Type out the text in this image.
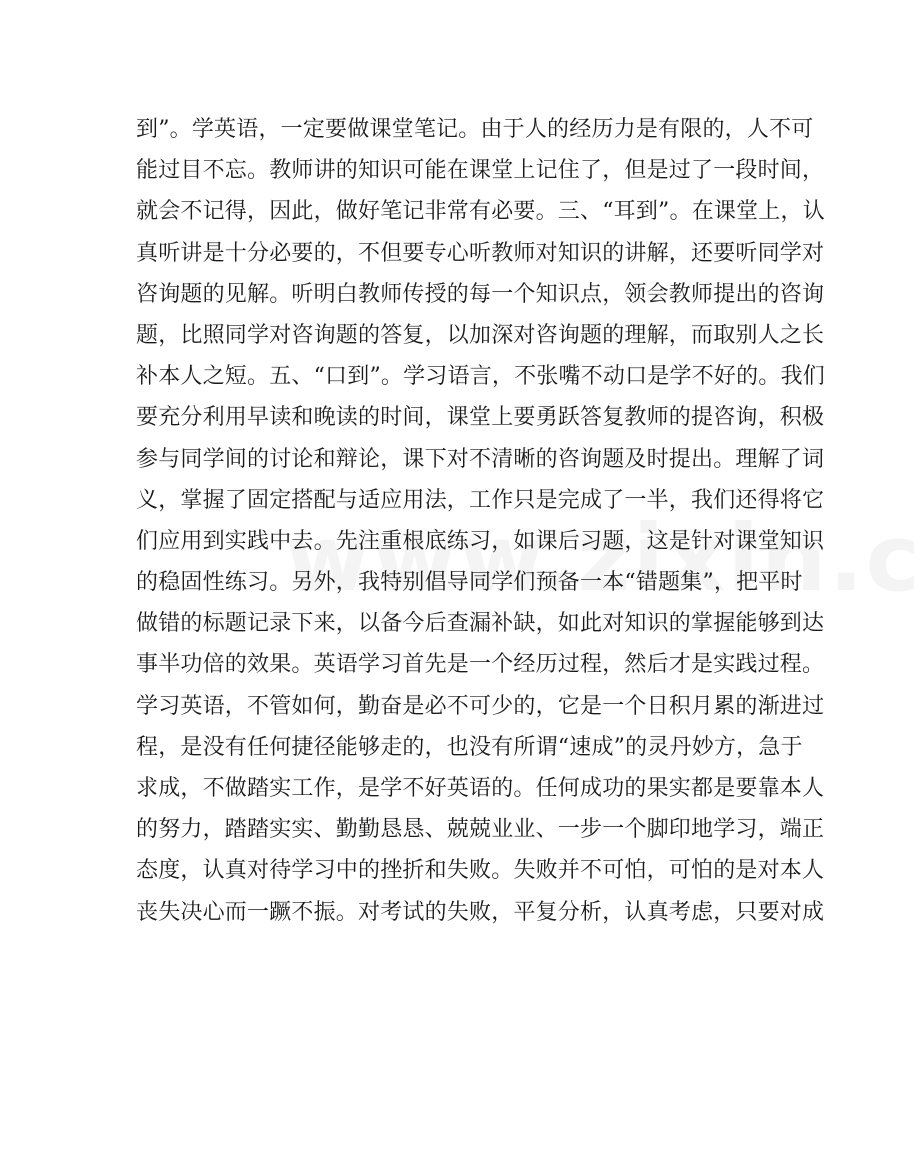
到”。学英语，一定要做课堂笔记。由于人的经历力是有限的，人不可
能过目不忘。教师讲的知识可能在课堂上记住了，但是过了一段时间，
就会不记得，因此，做好笔记非常有必要。三、“耳到”。在课堂上，认
真听讲是十分必要的，不但要专心听教师对知识的讲解，还要听同学对
咨询题的见解。听明白教师传授的每一个知识点，领会教师提出的咨询
题，比照同学对咨询题的答复，以加深对咨询题的理解，而取别人之长
补本人之短。五、“口到”。学习语言，不张嘴不动口是学不好的。我们
要充分利用早读和晚读的时间，课堂上要勇跃答复教师的提咨询，积极
参与同学间的讨论和辩论，课下对不清晰的咨询题及时提出。理解了词
义，掌握了固定搭配与适应用法，工作只是完成了一半，我们还得将它
们应用到实践中去。先注重根底练习，如课后习题，这是针对课堂知识
的稳固性练习。另外，我特别倡导同学们预备一本“错题集”，把平时
做错的标题记录下来，以备今后查漏补缺，如此对知识的掌握能够到达
事半功倍的效果。英语学习首先是一个经历过程，然后才是实践过程。
学习英语，不管如何，勤奋是必不可少的，它是一个日积月累的渐进过
程，是没有任何捷径能够走的，也没有所谓“速成”的灵丹妙方，急于
求成，不做踏实工作，是学不好英语的。任何成功的果实都是要靠本人
的努力，踏踏实实、勤勤恳恳、兢兢业业、一步一个脚印地学习，端正
态度，认真对待学习中的挫折和失败。失败并不可怕，可怕的是对本人
丧失决心而一蹶不振。对考试的失败，平复分析，认真考虑，只要对成
